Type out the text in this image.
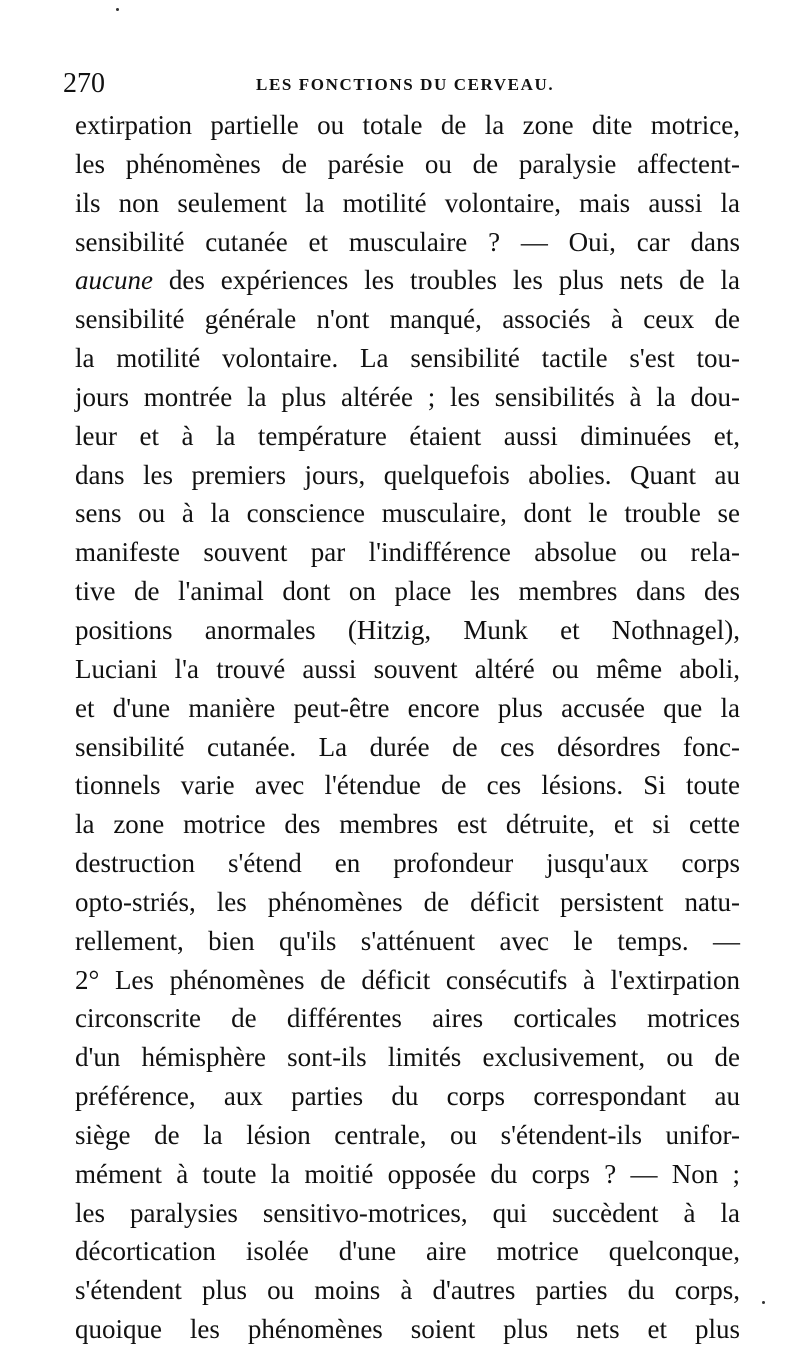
270	LES FONCTIONS DU CERVEAU.
extirpation partielle ou totale de la zone dite motrice,
les phénomènes de parésie ou de paralysie affectent-
ils non seulement la motilité volontaire, mais aussi la
sensibilité cutanée et musculaire ? — Oui, car dans
aucune des expériences les troubles les plus nets de la
sensibilité générale n'ont manqué, associés à ceux de
la motilité volontaire. La sensibilité tactile s'est tou-
jours montrée la plus altérée ; les sensibilités à la dou-
leur et à la température étaient aussi diminuées et,
dans les premiers jours, quelquefois abolies. Quant au
sens ou à la conscience musculaire, dont le trouble se
manifeste souvent par l'indifférence absolue ou rela-
tive de l'animal dont on place les membres dans des
positions anormales (Hitzig, Munk et Nothnagel),
Luciani l'a trouvé aussi souvent altéré ou même aboli,
et d'une manière peut-être encore plus accusée que la
sensibilité cutanée. La durée de ces désordres fonc-
tionnels varie avec l'étendue de ces lésions. Si toute
la zone motrice des membres est détruite, et si cette
destruction s'étend en profondeur jusqu'aux corps
opto-striés, les phénomènes de déficit persistent natu-
rellement, bien qu'ils s'atténuent avec le temps. —
2° Les phénomènes de déficit consécutifs à l'extirpation
circonscrite de différentes aires corticales motrices
d'un hémisphère sont-ils limités exclusivement, ou de
préférence, aux parties du corps correspondant au
siège de la lésion centrale, ou s'étendent-ils unifor-
mément à toute la moitié opposée du corps ? — Non ;
les paralysies sensitivo-motrices, qui succèdent à la
décortication isolée d'une aire motrice quelconque,
s'étendent plus ou moins à d'autres parties du corps,
quoique les phénomènes soient plus nets et plus
